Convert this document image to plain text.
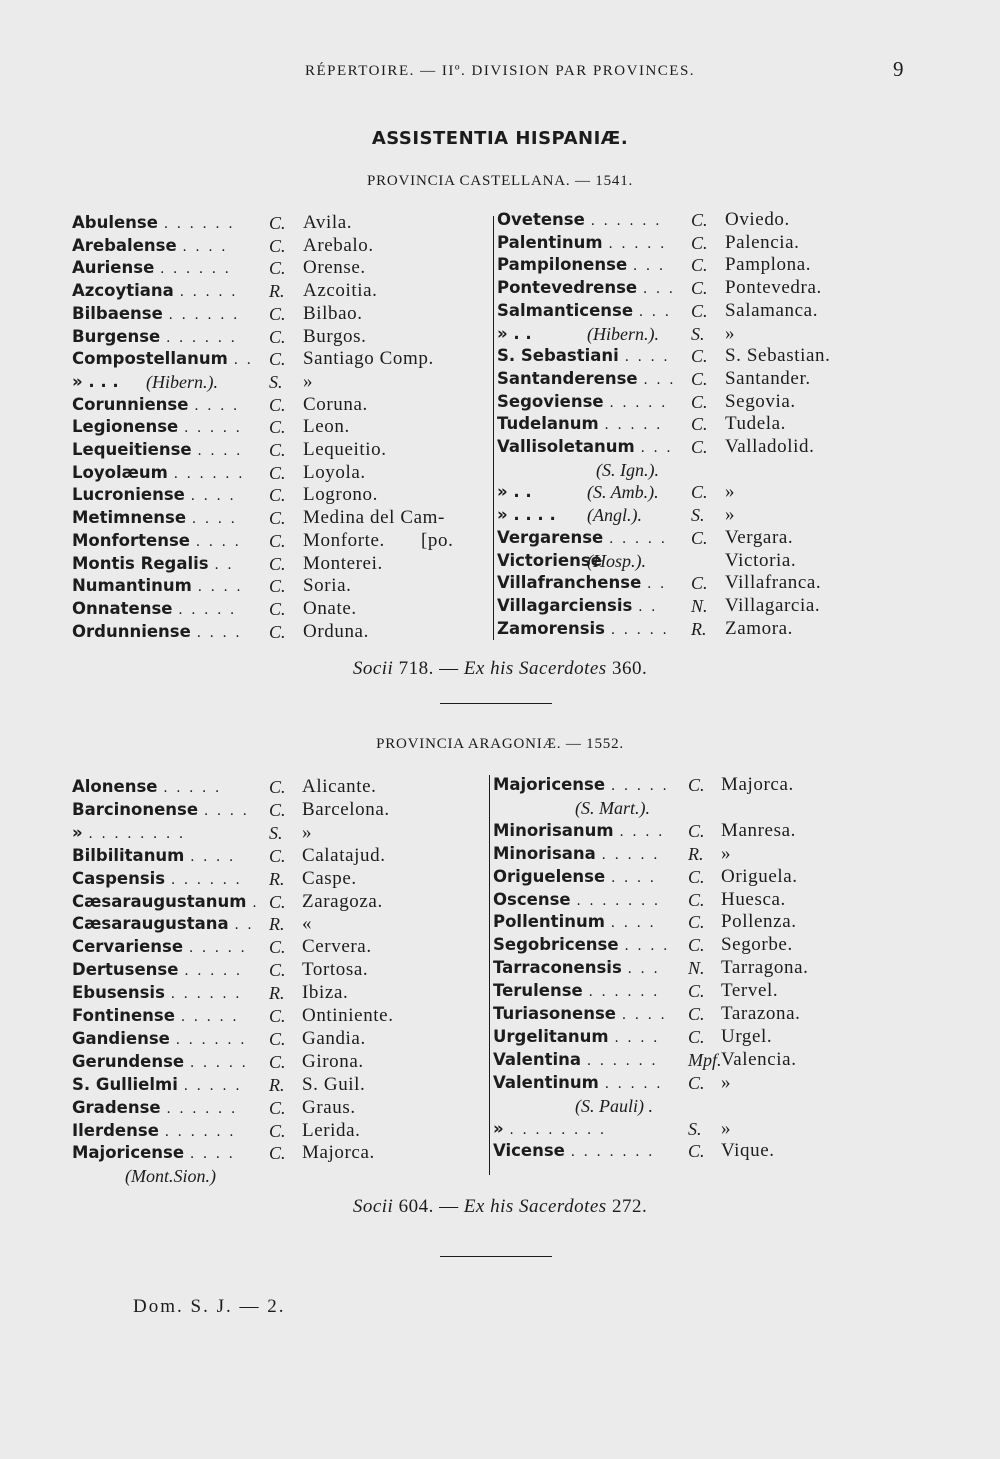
RÉPERTOIRE. — IIº. DIVISION PAR PROVINCES.	9
ASSISTENTIA HISPANIÆ.
PROVINCIA CASTELLANA. — 1541.
Abulense . . . . . . C. Avila.
Arebalense . . . . C. Arebalo.
Auriense . . . . . . C. Orense.
Azcoytiana . . . . . R. Azcoitia.
Bilbaense . . . . . . C. Bilbao.
Burgense . . . . . . C. Burgos.
Compostellanum . . C. Santiago Comp.
» . . . (Hibern.).	S. »
Corunniense . . . . C. Coruna.
Legionense . . . . . C. Leon.
Lequeitiense . . . . C. Lequeitio.
Loyolæum . . . . . . C. Loyola.
Lucroniense . . . . C. Logrono.
Metimnense . . . . C. Medina del Cam-
Monfortense . . . . C. Monforte. [po.
Montis Regalis . . C. Monterei.
Numantinum . . . . C. Soria.
Onnatense . . . . . C. Onate.
Ordunniense . . . . C. Orduna.
Ovetense . . . . . . C. Oviedo.
Palentinum . . . . . C. Palencia.
Pampilonense . . . C. Pamplona.
Pontevedrense . . . C. Pontevedra.
Salmanticense . . . C. Salamanca.
» . .	(Hibern.). S. »
S. Sebastiani . . . . C. S. Sebastian.
Santanderense . . . C. Santander.
Segoviense . . . . . C. Segovia.
Tudelanum . . . . . C. Tudela.
Vallisoletanum . . . C. Valladolid.
(S. Ign.).
» . .	(S. Amb.). C. »
» . . . . (Angl.).	S. »
Vergarense . . . . . C. Vergara.
Victoriense
(Hosp.).	Victoria.
Villafranchense . . C. Villafranca.
Villagarciensis . . N. Villagarcia.
Zamorensis . . . . . R. Zamora.
Socii 718. — Ex his Sacerdotes 360.
PROVINCIA ARAGONIÆ. — 1552.
Alonense . . . . .	C. Alicante.
Barcinonense . . . . C. Barcelona.
» . . . . . . . .	S. »
Bilbilitanum . . . . C. Calatajud.
Caspensis . . . . . . R. Caspe.
Cæsaraugustanum . C. Zaragoza.
Cæsaraugustana . . R. «
Cervariense . . . . . C. Cervera.
Dertusense . . . . . C. Tortosa.
Ebusensis . . . . . . R. Ibiza.
Fontinense . . . . . C. Ontiniente.
Gandiense . . . . . . C. Gandia.
Gerundense . . . . . C. Girona.
S. Gullielmi . . . . . R. S. Guil.
Gradense . . . . . . C. Graus.
Ilerdense . . . . . . C. Lerida.
Majoricense . . . . C. Majorca.
(Mont.Sion.)
Majoricense . . . . . C. Majorca.
(S. Mart.).
Minorisanum . . . . C. Manresa.
Minorisana . . . . . R. »
Origuelense . . . . C. Origuela.
Oscense . . . . . . . C. Huesca.
Pollentinum . . . . C. Pollenza.
Segobricense . . . . C. Segorbe.
Tarraconensis . . . N. Tarragona.
Terulense . . . . . . C. Tervel.
Turiasonense . . . . C. Tarazona.
Urgelitanum . . . . C. Urgel.
Valentina . . . . . . Mpf. Valencia.
Valentinum . . . . . C. »
(S. Pauli) .
» . . . . . . . .	S. »
Vicense . . . . . . . C. Vique.
Socii 604. — Ex his Sacerdotes 272.
Dom. S. J. — 2.
